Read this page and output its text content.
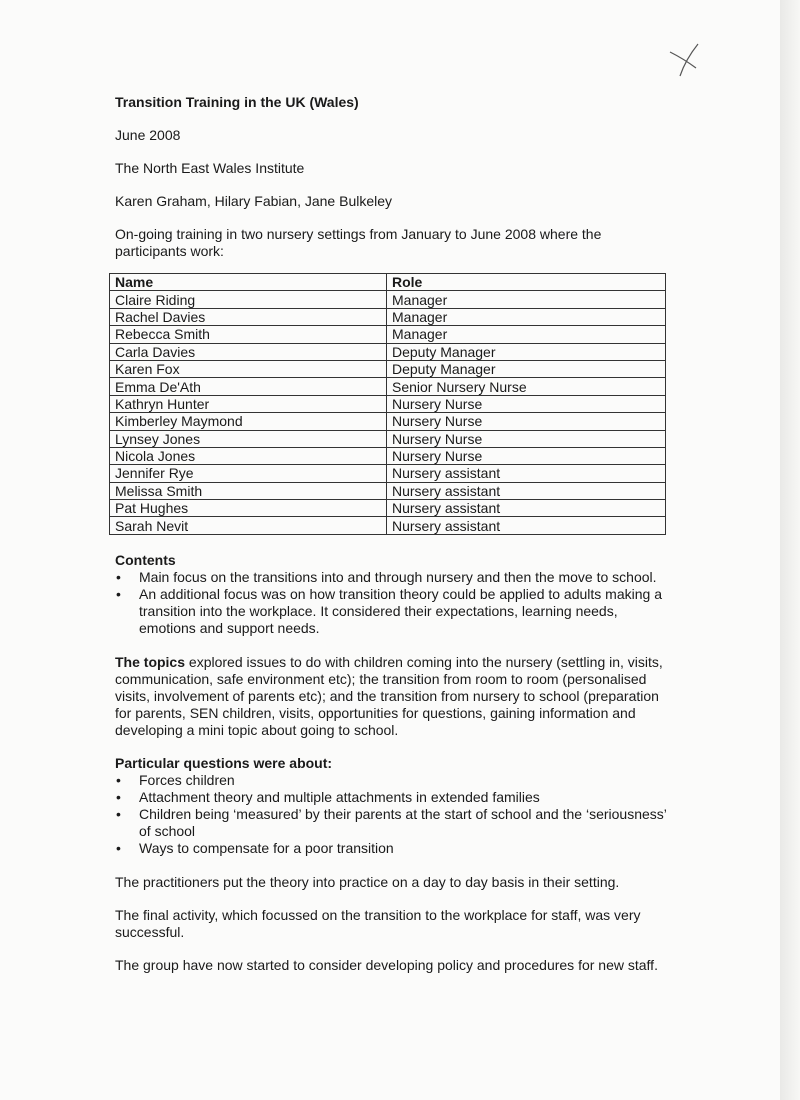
Transition Training in the UK (Wales)

June 2008

The North East Wales Institute

Karen Graham, Hilary Fabian, Jane Bulkeley

On-going training in two nursery settings from January to June 2008 where the participants work:

Name	Role
Claire Riding	Manager
Rachel Davies	Manager
Rebecca Smith	Manager
Carla Davies	Deputy Manager
Karen Fox	Deputy Manager
Emma De'Ath	Senior Nursery Nurse
Kathryn Hunter	Nursery Nurse
Kimberley Maymond	Nursery Nurse
Lynsey Jones	Nursery Nurse
Nicola Jones	Nursery Nurse
Jennifer Rye	Nursery assistant
Melissa Smith	Nursery assistant
Pat Hughes	Nursery assistant
Sarah Nevit	Nursery assistant

Contents

• Main focus on the transitions into and through nursery and then the move to school.
• An additional focus was on how transition theory could be applied to adults making a transition into the workplace. It considered their expectations, learning needs, emotions and support needs.

The topics explored issues to do with children coming into the nursery (settling in, visits, communication, safe environment etc); the transition from room to room (personalised visits, involvement of parents etc); and the transition from nursery to school (preparation for parents, SEN children, visits, opportunities for questions, gaining information and developing a mini topic about going to school.

Particular questions were about:

• Forces children
• Attachment theory and multiple attachments in extended families
• Children being ‘measured’ by their parents at the start of school and the ‘seriousness’ of school
• Ways to compensate for a poor transition

The practitioners put the theory into practice on a day to day basis in their setting.

The final activity, which focussed on the transition to the workplace for staff, was very successful.

The group have now started to consider developing policy and procedures for new staff.
